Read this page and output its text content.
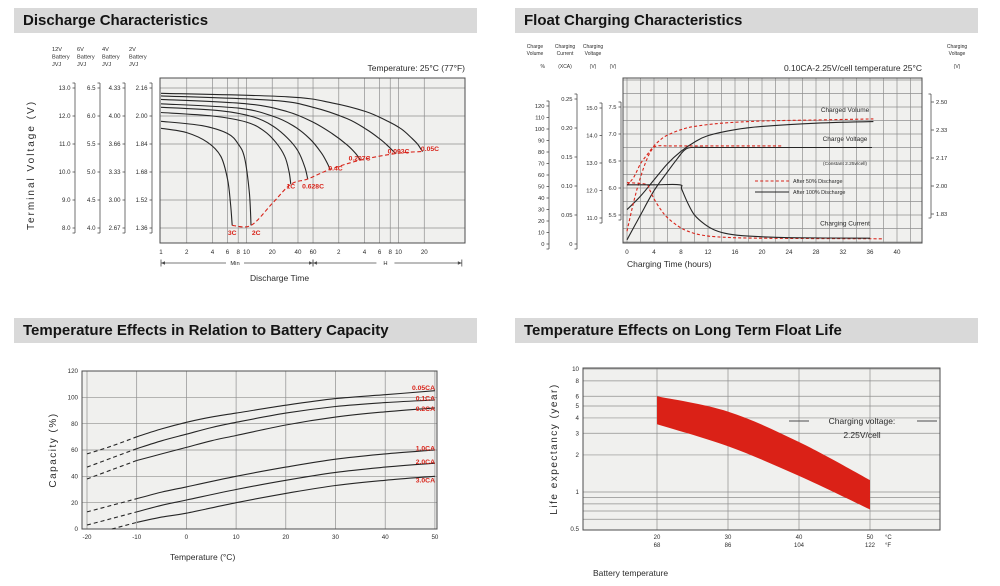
Discharge Characteristics	Float Charging Characteristics
Temperature Effects in Relation to Battery Capacity	Temperature Effects on Long Term Float Life
12V
Battery
JVJ
13.0
12.0
11.0
10.0
9.0
8.0
6V
Battery
JVJ
6.5
6.0
5.5
5.0
4.5
4.0
4V
Battery
JVJ
4.33
4.00
3.66
3.33
3.00
2.67
2V
Battery
JVJ
2.16
2.00
1.84
1.68
1.52
1.36
Terminal Voltage (V)
Temperature: 25°C (77°F)
1	2	4 6 8 10	20	40 60	2	4 6 8 10	20
Min	H
Discharge Time
3C 2C
1C 0.628C
0.4C
0.207C
0.093C 0.05C
Charge
Volume
%
Charging
Current
(XCA)
Charging
Voltage
(V)	(V)
0
10
20
30
40
50
60
70
80
90
100
110
120
0
0.05
0.10
0.15
0.20
0.25
11.0
12.0
13.0
14.0
15.0
5.5
6.0
6.5
7.0
7.5
1.83
2.00
2.17
2.33
2.50
Charging
Voltage
(V)
0	4	8	12	16	20	24	28	32	36	40
Charging Time (hours)
0.10CA-2.25V/cell temperature 25°C
Charged Volume
Charge Voltage
(Constant 2.25v/cell)
Charging Current
After 50% Discharge
After 100% Discharge
0
20
40
60
80
100
120
-20	-10	0	10	20	30	40	50
Capacity (%)
Temperature (°C)
0.05CA
0.1CA
0.2CA
1.0CA
2.0CA
3.0CA
10
8
6
5
4
3
2
1
0.5
20
68
30
86
40
104
50
122
°C
°F
Life expectancy (year)
Battery temperature
Charging voltage:
2.25V/cell
